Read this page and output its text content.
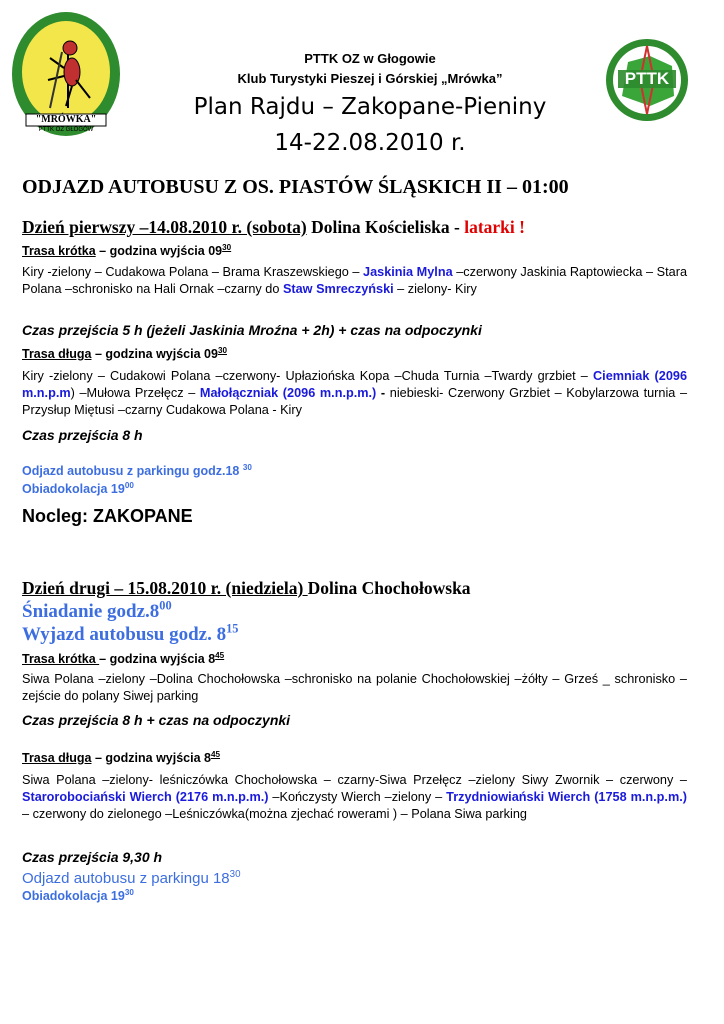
"MRÓWKA"
PTTK OZ GŁOGÓW
PTTK
PTTK OZ w Głogowie
Klub Turystyki Pieszej i Górskiej „Mrówka”
Plan Rajdu – Zakopane-Pieniny
14-22.08.2010 r.
ODJAZD AUTOBUSU Z OS. PIASTÓW ŚLĄSKICH II – 01:00
Dzień pierwszy –14.08.2010 r. (sobota) Dolina Kościeliska - latarki !
Trasa krótka – godzina wyjścia $09^{30}$
Kiry -zielony – Cudakowa Polana – Brama Kraszewskiego – Jaskinia Mylna –czerwony Jaskinia Raptowiecka – Stara Polana –schronisko na Hali Ornak –czarny do Staw Smreczyński – zielony- Kiry
Czas przejścia 5 h (jeżeli Jaskinia Mroźna + 2h) + czas na odpoczynki
Trasa długa – godzina wyjścia $09^{30}$
Kiry -zielony – Cudakowi Polana –czerwony- Upłaziońska Kopa –Chuda Turnia –Twardy grzbiet – Ciemniak (2096 m.n.p.m) –Mułowa Przełęcz – Małołączniak (2096 m.n.p.m.) - niebieski- Czerwony Grzbiet – Kobylarzowa turnia – Przysłup Miętusi –czarny Cudakowa Polana - Kiry
Czas przejścia 8 h
Odjazd autobusu z parkingu godz.18 $^{30}$
Obiadokolacja $19^{00}$
Nocleg: ZAKOPANE
Dzień drugi – 15.08.2010 r. (niedziela) Dolina Chochołowska
Śniadanie $godz.8^{00}$
Wyjazd autobusu godz. $8^{15}$
Trasa krótka – godzina wyjścia $8^{45}$
Siwa Polana –zielony –Dolina Chochołowska –schronisko na polanie Chochołowskiej –żółty – Grześ _ schronisko – zejście do polany Siwej parking
Czas przejścia 8 h + czas na odpoczynki
Trasa długa – godzina wyjścia $8^{45}$
Siwa Polana –zielony- leśniczówka Chochołowska – czarny-Siwa Przełęcz –zielony Siwy Zwornik – czerwony –Starorobociański Wierch (2176 m.n.p.m.) –Kończysty Wierch –zielony – Trzydniowiański Wierch (1758 m.n.p.m.) – czerwony do zielonego –Leśniczówka(można zjechać rowerami ) – Polana Siwa parking
Czas przejścia 9,30 h
Odjazd autobusu z parkingu $18^{30}$
Obiadokolacja $19^{30}$
